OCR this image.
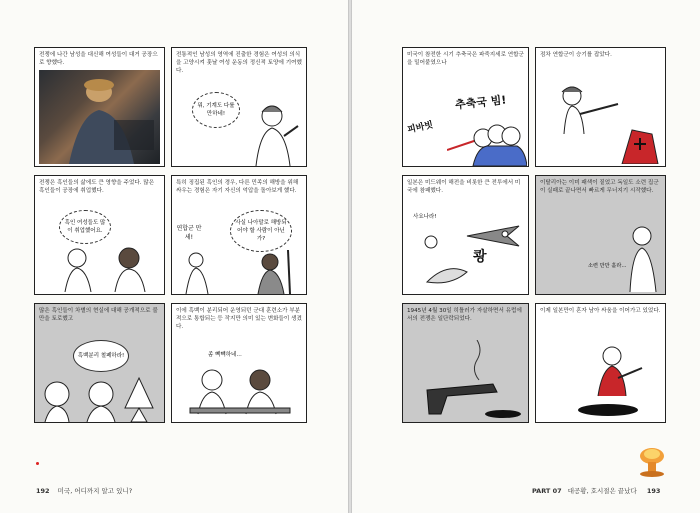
전쟁에 나간 남성을 대신해 여성들이 대거 공장으로 향했다.
전통적인 남성의 영역에 진출한 경험은 여성의 의식을 고양시켜 훗날 여성 운동의 정신적 토양에 기여했다.
뭐, 기계도 다룰 만하네!
전쟁은 흑인들의 삶에도 큰 영향을 주었다. 많은 흑인들이 공장에 취업했다.
흑인 여성들도 많이 취업했어요.
특히 징집된 흑인의 경우, 다른 민족의 해방을 위해 싸우는 경험은 자기 자신의 억압을 돌아보게 했다.
사실 나아말로 해방되어야 할 사람이 아닌가?
연합군 만세!
많은 흑인들이 차별의 현실에 대해 공개적으로 불만을 토로했고
흑백분리 철폐하라!
이에 흑백이 분리되어 운영되던 군대 훈련소가 부분적으로 통합되는 등 작지만 의미 있는 변화들이 생겼다.
좀 빽빽하네…
192 미국, 어디까지 알고 있니?
미국이 참전한 시기 추축국은 파죽지세로 연합군을 밀어붙였으나
추축국 빔!
피바빗
점차 연합군이 승기를 잡았다.
일본은 미드웨이 해전을 비롯한 큰 전투에서 미국에 참패했다.
사요나라!
쾅
이탈리아는 이미 패색이 짙었고 독일도 소련 집군이 실패로 끝나면서 빠르게 무너지기 시작했다.
소련 만만 홀라…
1945년 4월 30일 히틀러가 자살하면서 유럽에서의 전쟁은 일단락되었다.
이제 일본만이 혼자 남아 싸움을 이어가고 있었다.
PART 07 대공황, 호시절은 끝났다 193
